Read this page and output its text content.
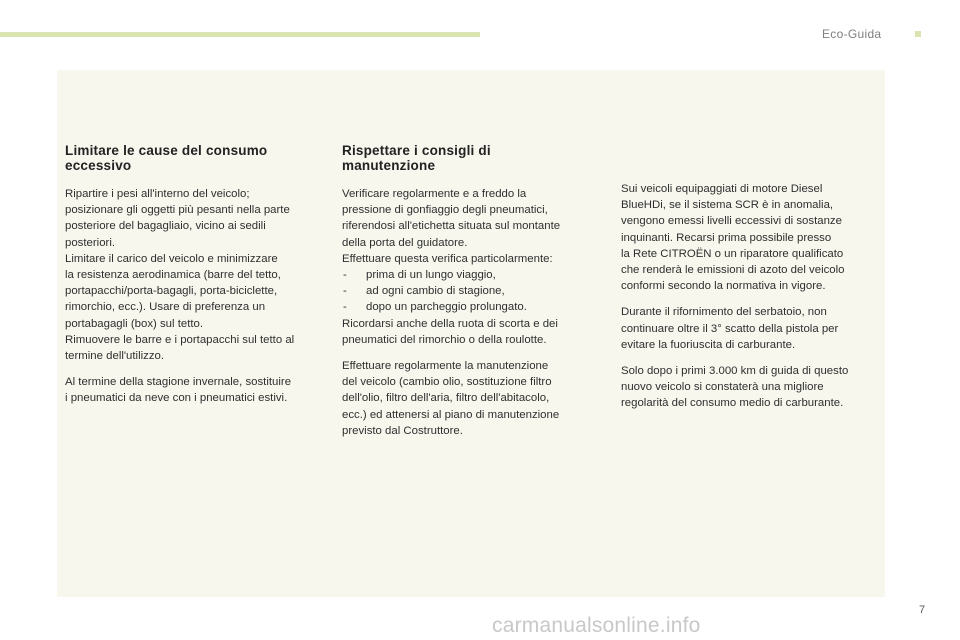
Eco-Guida
Limitare le cause del consumo eccessivo

Ripartire i pesi all'interno del veicolo;
posizionare gli oggetti più pesanti nella parte
posteriore del bagagliaio, vicino ai sedili
posteriori.
Limitare il carico del veicolo e minimizzare
la resistenza aerodinamica (barre del tetto,
portapacchi/porta-bagagli, porta-biciclette,
rimorchio, ecc.). Usare di preferenza un
portabagagli (box) sul tetto.
Rimuovere le barre e i portapacchi sul tetto al
termine dell'utilizzo.

Al termine della stagione invernale, sostituire
i pneumatici da neve con i pneumatici estivi.

Rispettare i consigli di manutenzione

Verificare regolarmente e a freddo la
pressione di gonfiaggio degli pneumatici,
riferendosi all'etichetta situata sul montante
della porta del guidatore.
Effettuare questa verifica particolarmente:
- prima di un lungo viaggio,
- ad ogni cambio di stagione,
- dopo un parcheggio prolungato.
Ricordarsi anche della ruota di scorta e dei
pneumatici del rimorchio o della roulotte.

Effettuare regolarmente la manutenzione
del veicolo (cambio olio, sostituzione filtro
dell'olio, filtro dell'aria, filtro dell'abitacolo,
ecc.) ed attenersi al piano di manutenzione
previsto dal Costruttore.

Sui veicoli equipaggiati di motore Diesel
BlueHDi, se il sistema SCR è in anomalia,
vengono emessi livelli eccessivi di sostanze
inquinanti. Recarsi prima possibile presso
la Rete CITROËN o un riparatore qualificato
che renderà le emissioni di azoto del veicolo
conformi secondo la normativa in vigore.

Durante il rifornimento del serbatoio, non
continuare oltre il 3° scatto della pistola per
evitare la fuoriuscita di carburante.

Solo dopo i primi 3.000 km di guida di questo
nuovo veicolo si constaterà una migliore
regolarità del consumo medio di carburante.

7
carmanualsonline.info
